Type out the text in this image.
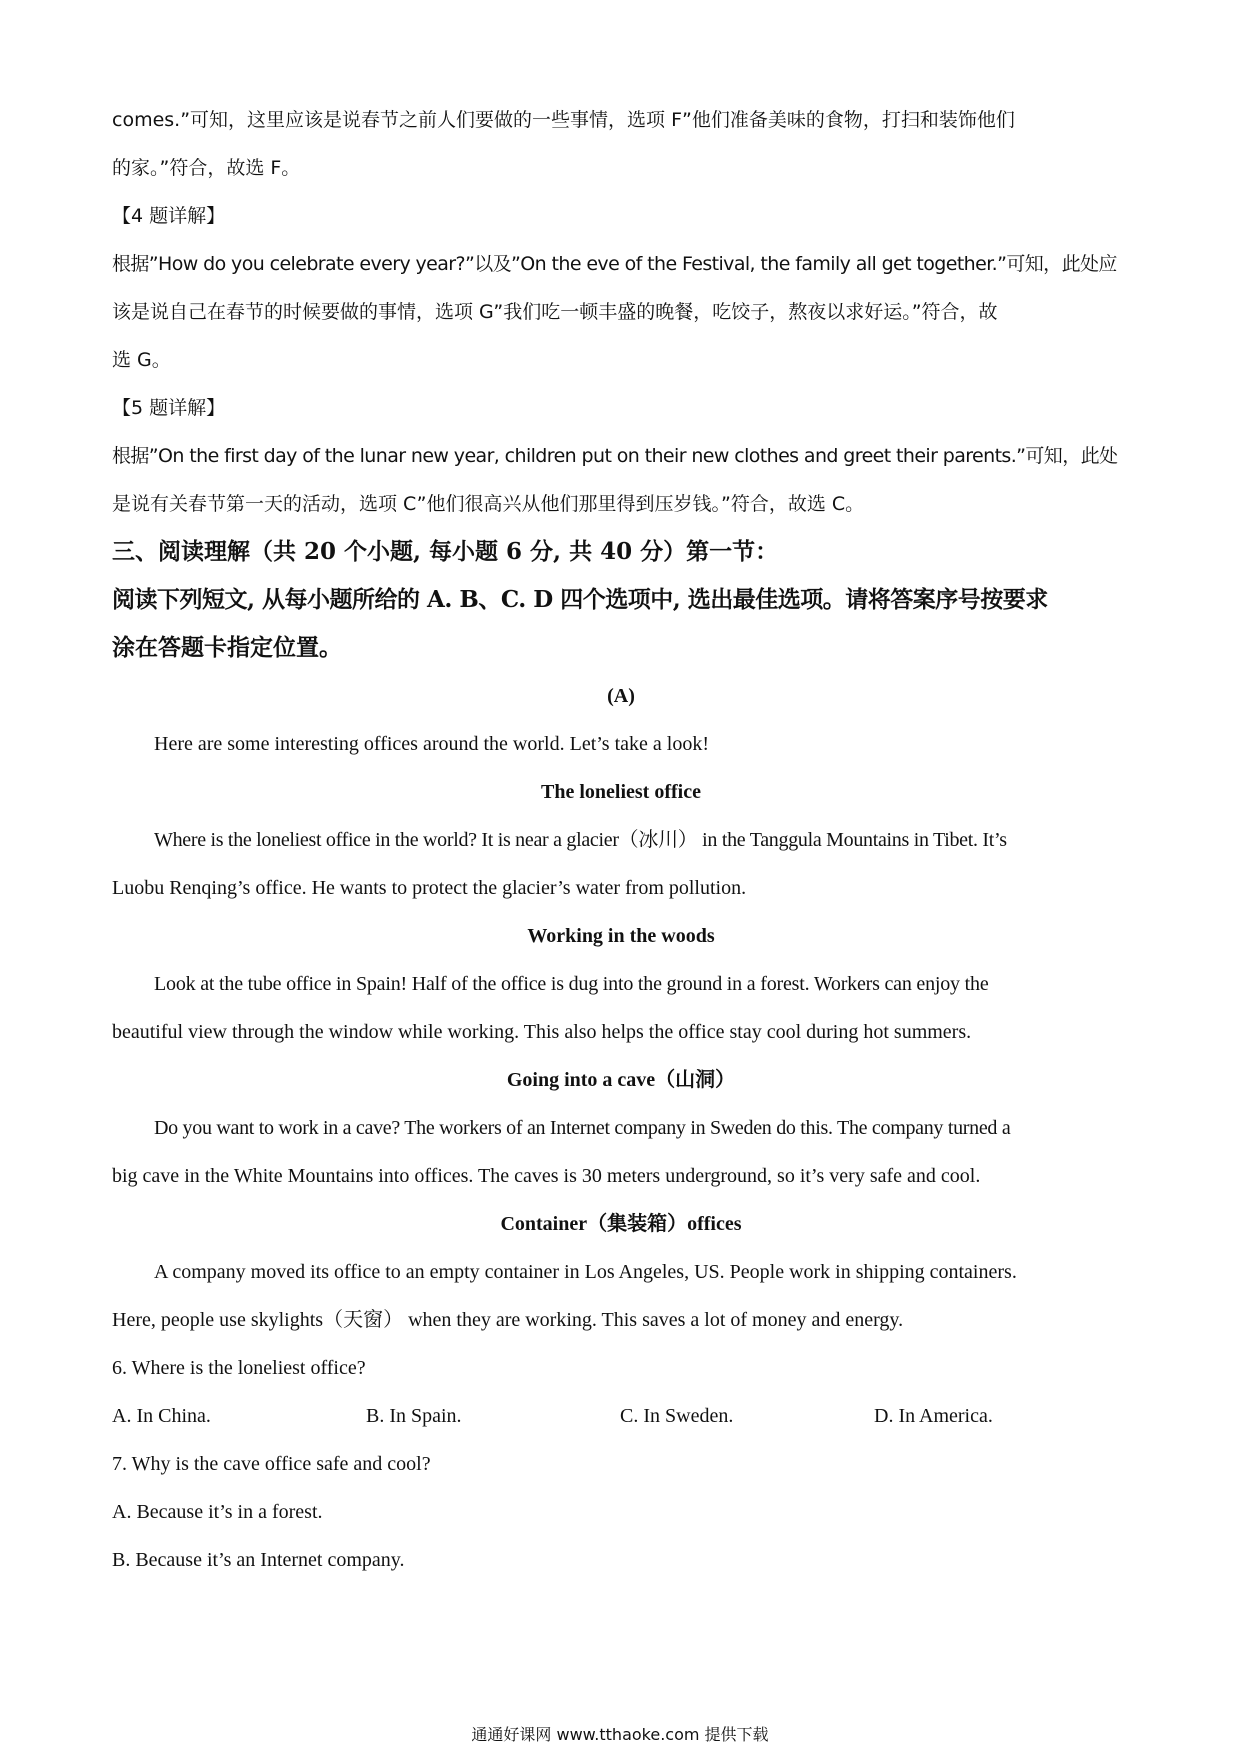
comes.”可知，这里应该是说春节之前人们要做的一些事情，选项 F”他们准备美味的食物，打扫和装饰他们

的家。”符合，故选 F。

【4 题详解】

根据”How do you celebrate every year?”以及”On the eve of the Festival, the family all get together.”可知，此处应

该是说自己在春节的时候要做的事情，选项 G”我们吃一顿丰盛的晚餐，吃饺子，熬夜以求好运。”符合，故

选 G。

【5 题详解】

根据”On the first day of the lunar new year, children put on their new clothes and greet their parents.”可知，此处

是说有关春节第一天的活动，选项 C”他们很高兴从他们那里得到压岁钱。”符合，故选 C。

三、阅读理解（共 20 个小题, 每小题 6 分, 共 40 分）第一节：

阅读下列短文, 从每小题所给的 A. B、C. D 四个选项中, 选出最佳选项。请将答案序号按要求

涂在答题卡指定位置。

(A)

Here are some interesting offices around the world. Let’s take a look!

The loneliest office

Where is the loneliest office in the world? It is near a glacier（冰川） in the Tanggula Mountains in Tibet. It’s

Luobu Renqing’s office. He wants to protect the glacier’s water from pollution.

Working in the woods

Look at the tube office in Spain! Half of the office is dug into the ground in a forest. Workers can enjoy the

beautiful view through the window while working. This also helps the office stay cool during hot summers.

Going into a cave（山洞）

Do you want to work in a cave? The workers of an Internet company in Sweden do this. The company turned a

big cave in the White Mountains into offices. The caves is 30 meters underground, so it’s very safe and cool.

Container（集装箱）offices

A company moved its office to an empty container in Los Angeles, US. People work in shipping containers.

Here, people use skylights（天窗） when they are working. This saves a lot of money and energy.

6. Where is the loneliest office?

A. In China.	B. In Spain.	C. In Sweden.	D. In America.

7. Why is the cave office safe and cool?

A. Because it’s in a forest.

B. Because it’s an Internet company.

通通好课网 www.tthaoke.com 提供下载
